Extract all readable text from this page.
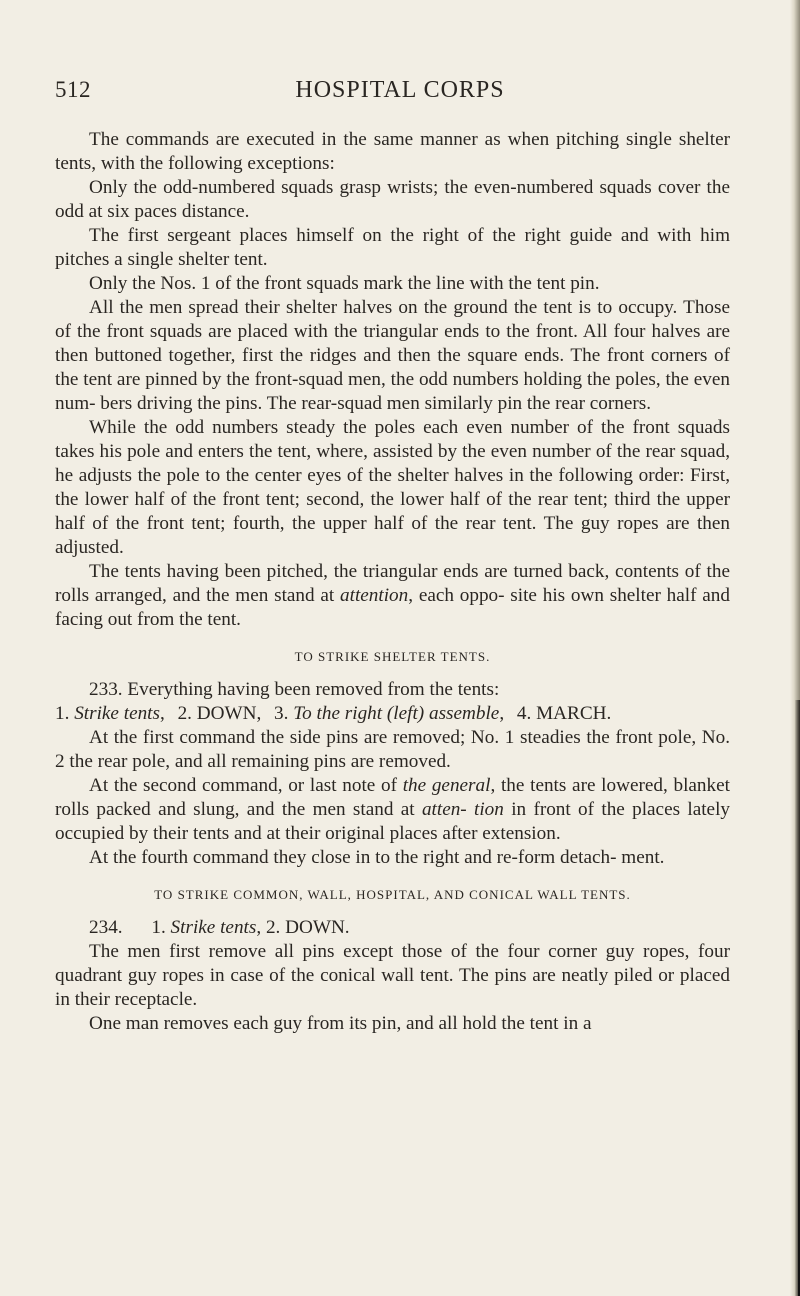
512	HOSPITAL CORPS

The commands are executed in the same manner as when pitching single shelter tents, with the following exceptions:

Only the odd-numbered squads grasp wrists; the even-numbered squads cover the odd at six paces distance.

The first sergeant places himself on the right of the right guide and with him pitches a single shelter tent.

Only the Nos. 1 of the front squads mark the line with the tent pin.

All the men spread their shelter halves on the ground the tent is to occupy. Those of the front squads are placed with the triangular ends to the front. All four halves are then buttoned together, first the ridges and then the square ends. The front corners of the tent are pinned by the front-squad men, the odd numbers holding the poles, the even num- bers driving the pins. The rear-squad men similarly pin the rear corners.

While the odd numbers steady the poles each even number of the front squads takes his pole and enters the tent, where, assisted by the even number of the rear squad, he adjusts the pole to the center eyes of the shelter halves in the following order: First, the lower half of the front tent; second, the lower half of the rear tent; third the upper half of the front tent; fourth, the upper half of the rear tent. The guy ropes are then adjusted.

The tents having been pitched, the triangular ends are turned back, contents of the rolls arranged, and the men stand at attention, each oppo- site his own shelter half and facing out from the tent.

TO STRIKE SHELTER TENTS.

233. Everything having been removed from the tents:

1. Strike tents, 2. DOWN, 3. To the right (left) assemble, 4. MARCH.

At the first command the side pins are removed; No. 1 steadies the front pole, No. 2 the rear pole, and all remaining pins are removed.

At the second command, or last note of the general, the tents are lowered, blanket rolls packed and slung, and the men stand at atten- tion in front of the places lately occupied by their tents and at their original places after extension.

At the fourth command they close in to the right and re-form detach- ment.

TO STRIKE COMMON, WALL, HOSPITAL, AND CONICAL WALL TENTS.

234. 1. Strike tents, 2. DOWN.

The men first remove all pins except those of the four corner guy ropes, four quadrant guy ropes in case of the conical wall tent. The pins are neatly piled or placed in their receptacle.

One man removes each guy from its pin, and all hold the tent in a
